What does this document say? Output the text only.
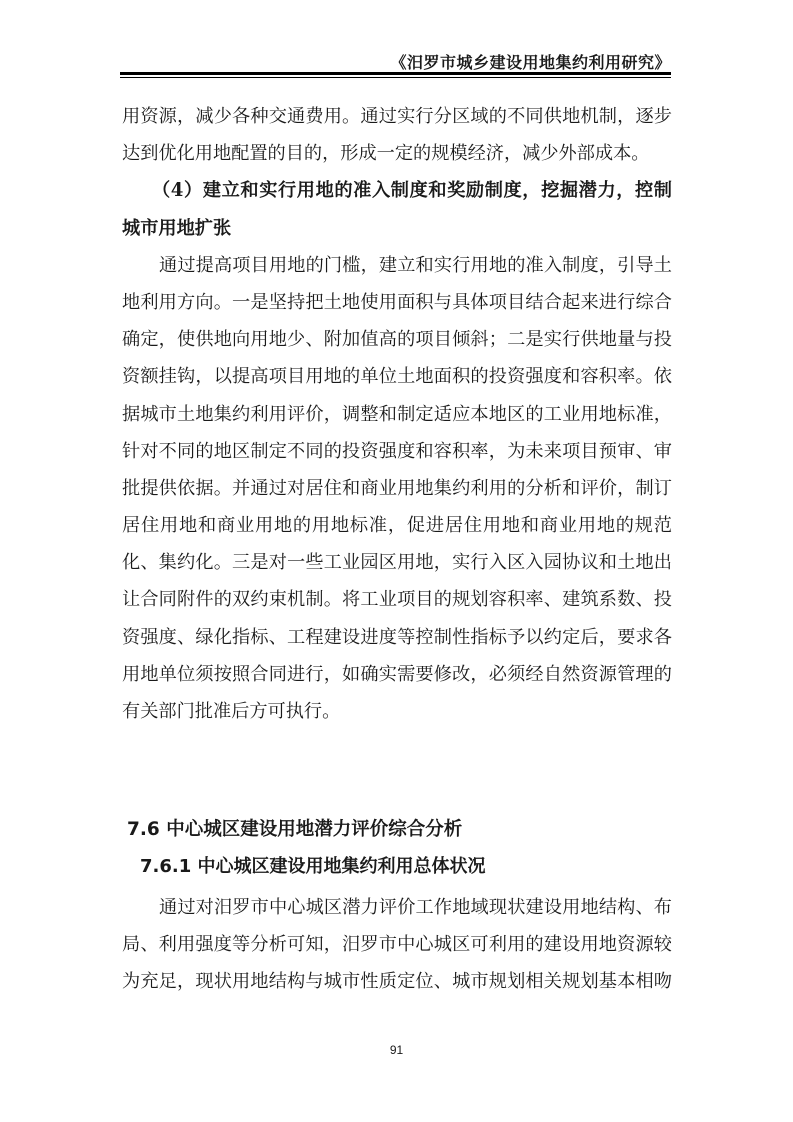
《汨罗市城乡建设用地集约利用研究》
用资源，减少各种交通费用。通过实行分区域的不同供地机制，逐步
达到优化用地配置的目的，形成一定的规模经济，减少外部成本。
（4）建立和实行用地的准入制度和奖励制度，挖掘潜力，控制
城市用地扩张
通过提高项目用地的门槛，建立和实行用地的准入制度，引导土
地利用方向。一是坚持把土地使用面积与具体项目结合起来进行综合
确定，使供地向用地少、附加值高的项目倾斜；二是实行供地量与投
资额挂钩，以提高项目用地的单位土地面积的投资强度和容积率。依
据城市土地集约利用评价，调整和制定适应本地区的工业用地标准，
针对不同的地区制定不同的投资强度和容积率，为未来项目预审、审
批提供依据。并通过对居住和商业用地集约利用的分析和评价，制订
居住用地和商业用地的用地标准，促进居住用地和商业用地的规范
化、集约化。三是对一些工业园区用地，实行入区入园协议和土地出
让合同附件的双约束机制。将工业项目的规划容积率、建筑系数、投
资强度、绿化指标、工程建设进度等控制性指标予以约定后，要求各
用地单位须按照合同进行，如确实需要修改，必须经自然资源管理的
有关部门批准后方可执行。
7.6 中心城区建设用地潜力评价综合分析
7.6.1 中心城区建设用地集约利用总体状况
通过对汨罗市中心城区潜力评价工作地域现状建设用地结构、布
局、利用强度等分析可知，汨罗市中心城区可利用的建设用地资源较
为充足，现状用地结构与城市性质定位、城市规划相关规划基本相吻
91
